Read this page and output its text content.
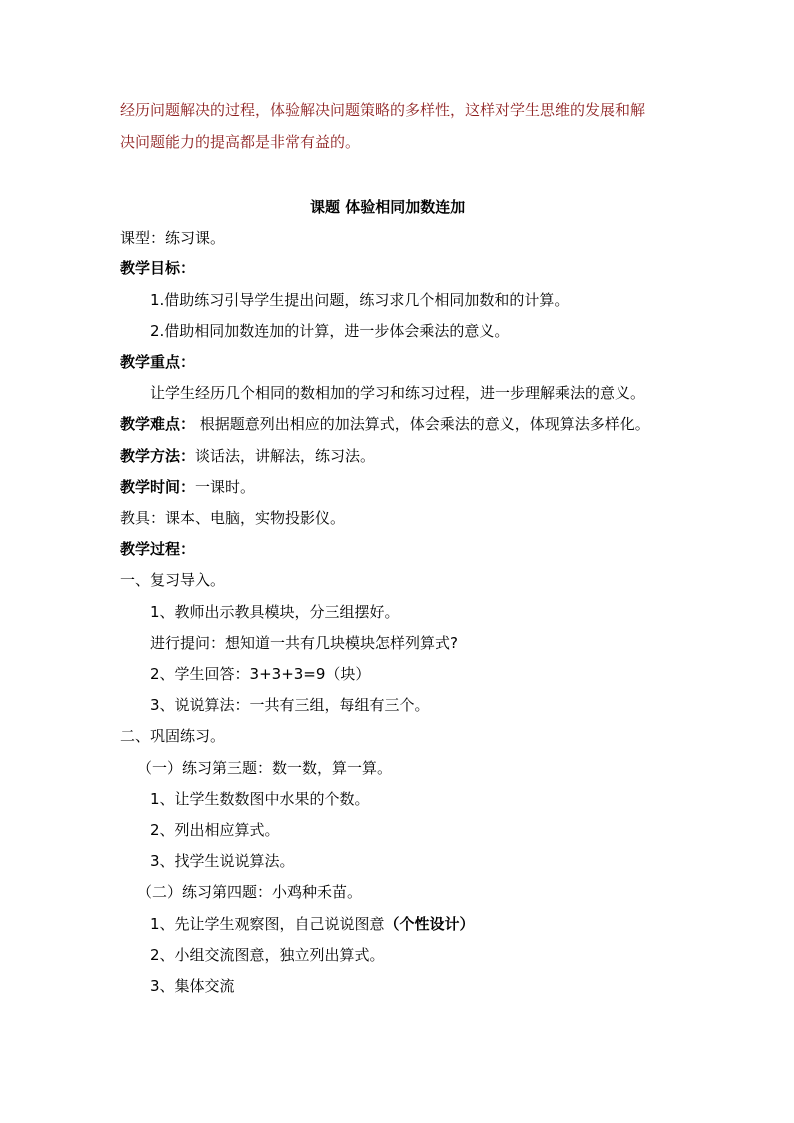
经历问题解决的过程，体验解决问题策略的多样性，这样对学生思维的发展和解
决问题能力的提高都是非常有益的。
课题 体验相同加数连加
课型：练习课。
教学目标：
1.借助练习引导学生提出问题，练习求几个相同加数和的计算。
2.借助相同加数连加的计算，进一步体会乘法的意义。
教学重点：
让学生经历几个相同的数相加的学习和练习过程，进一步理解乘法的意义。
教学难点： 根据题意列出相应的加法算式，体会乘法的意义，体现算法多样化。
教学方法：谈话法，讲解法，练习法。
教学时间：一课时。
教具：课本、电脑，实物投影仪。
教学过程：
一、复习导入。
1、教师出示教具模块，分三组摆好。
进行提问：想知道一共有几块模块怎样列算式?
2、学生回答：3+3+3=9（块）
3、说说算法：一共有三组，每组有三个。
二、巩固练习。
（一）练习第三题：数一数，算一算。
1、让学生数数图中水果的个数。
2、列出相应算式。
3、找学生说说算法。
（二）练习第四题：小鸡种禾苗。
1、先让学生观察图，自己说说图意（个性设计）
2、小组交流图意，独立列出算式。
3、集体交流
